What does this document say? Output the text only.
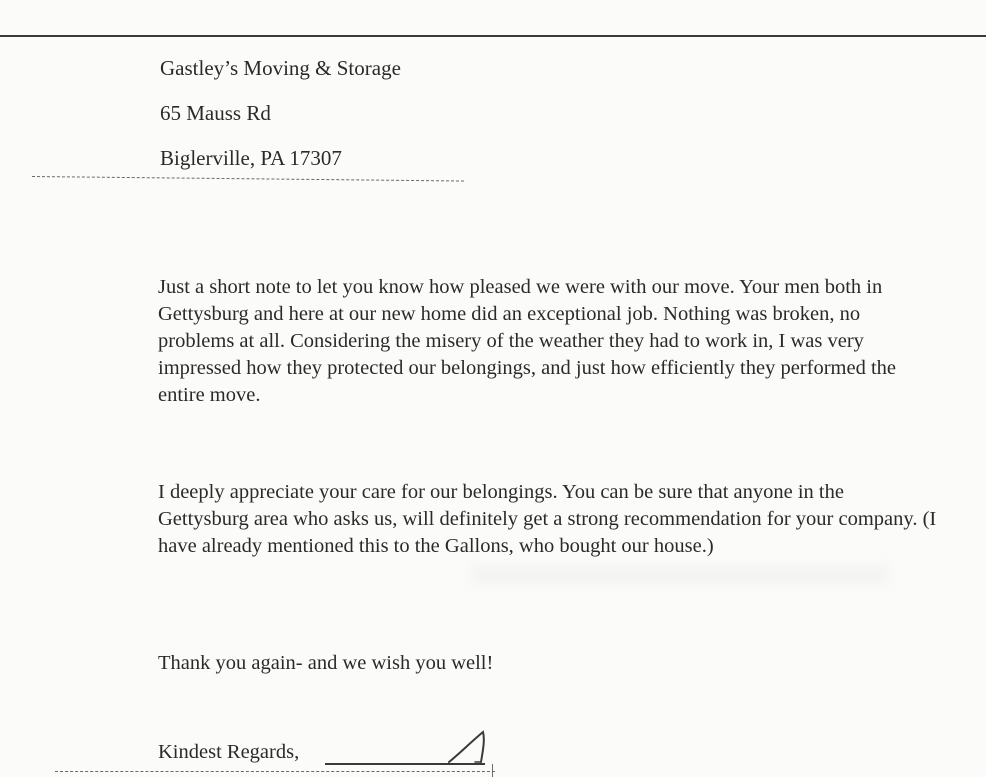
Gastley’s Moving & Storage
65 Mauss Rd
Biglerville, PA 17307

Just a short note to let you know how pleased we were with our move. Your men both in Gettysburg and here at our new home did an exceptional job. Nothing was broken, no problems at all. Considering the misery of the weather they had to work in, I was very impressed how they protected our belongings, and just how efficiently they performed the entire move.

I deeply appreciate your care for our belongings. You can be sure that anyone in the Gettysburg area who asks us, will definitely get a strong recommendation for your company. (I have already mentioned this to the Gallons, who bought our house.)

Thank you again- and we wish you well!

Kindest Regards,
